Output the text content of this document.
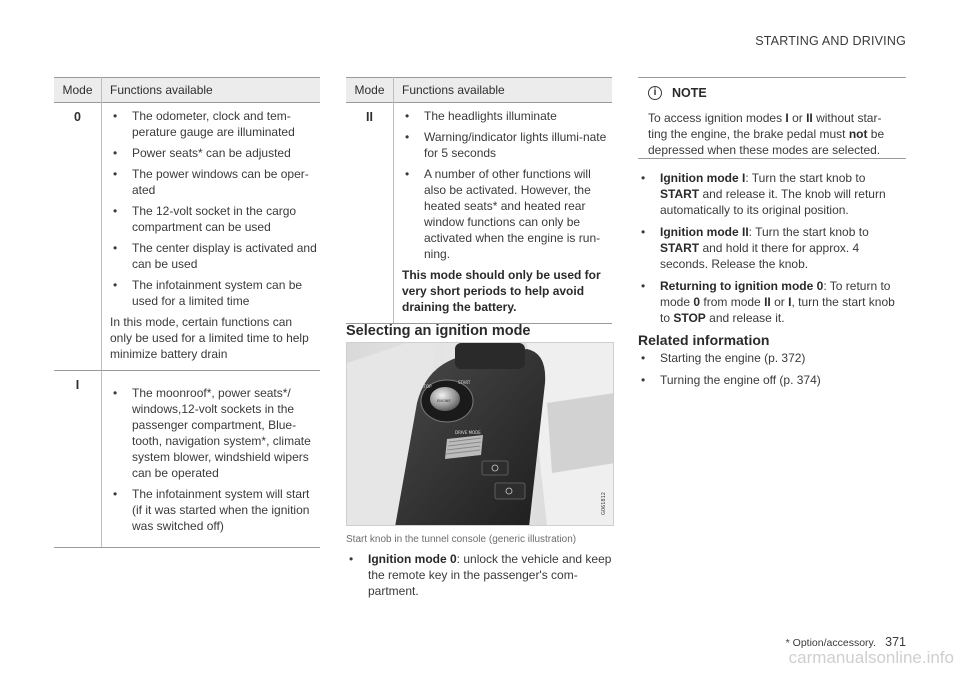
STARTING AND DRIVING
Mode	Functions available
0	• The odometer, clock and tem-perature gauge are illuminated
• Power seats* can be adjusted
• The power windows can be oper-ated
• The 12-volt socket in the cargo compartment can be used
• The center display is activated and can be used
• The infotainment system can be used for a limited time

In this mode, certain functions can only be used for a limited time to help minimize battery drain

I
• The moonroof*, power seats*/ windows,12-volt sockets in the passenger compartment, Blue-tooth, navigation system*, climate system blower, windshield wipers can be operated
• The infotainment system will start (if it was started when the ignition was switched off)
Mode	Functions available
II	• The headlights illuminate
• Warning/indicator lights illumi-nate for 5 seconds
• A number of other functions will also be activated. However, the heated seats* and heated rear window functions can only be activated when the engine is run-ning.

This mode should only be used for very short periods to help avoid draining the battery.

Selecting an ignition mode
STOP
START
ENGINE
DRIVE MODE
G061812
Start knob in the tunnel console (generic illustration)
• Ignition mode 0: unlock the vehicle and keep the remote key in the passenger's com-partment.
i	NOTE

To access ignition modes I or II without star-ting the engine, the brake pedal must not be depressed when these modes are selected.

• Ignition mode I: Turn the start knob to START and release it. The knob will return automatically to its original position.
• Ignition mode II: Turn the start knob to START and hold it there for approx. 4 seconds. Release the knob.
• Returning to ignition mode 0: To return to mode 0 from mode II or I, turn the start knob to STOP and release it.
Related information
• Starting the engine (p. 372)
• Turning the engine off (p. 374)
* Option/accessory. 371
carmanualsonline.info
